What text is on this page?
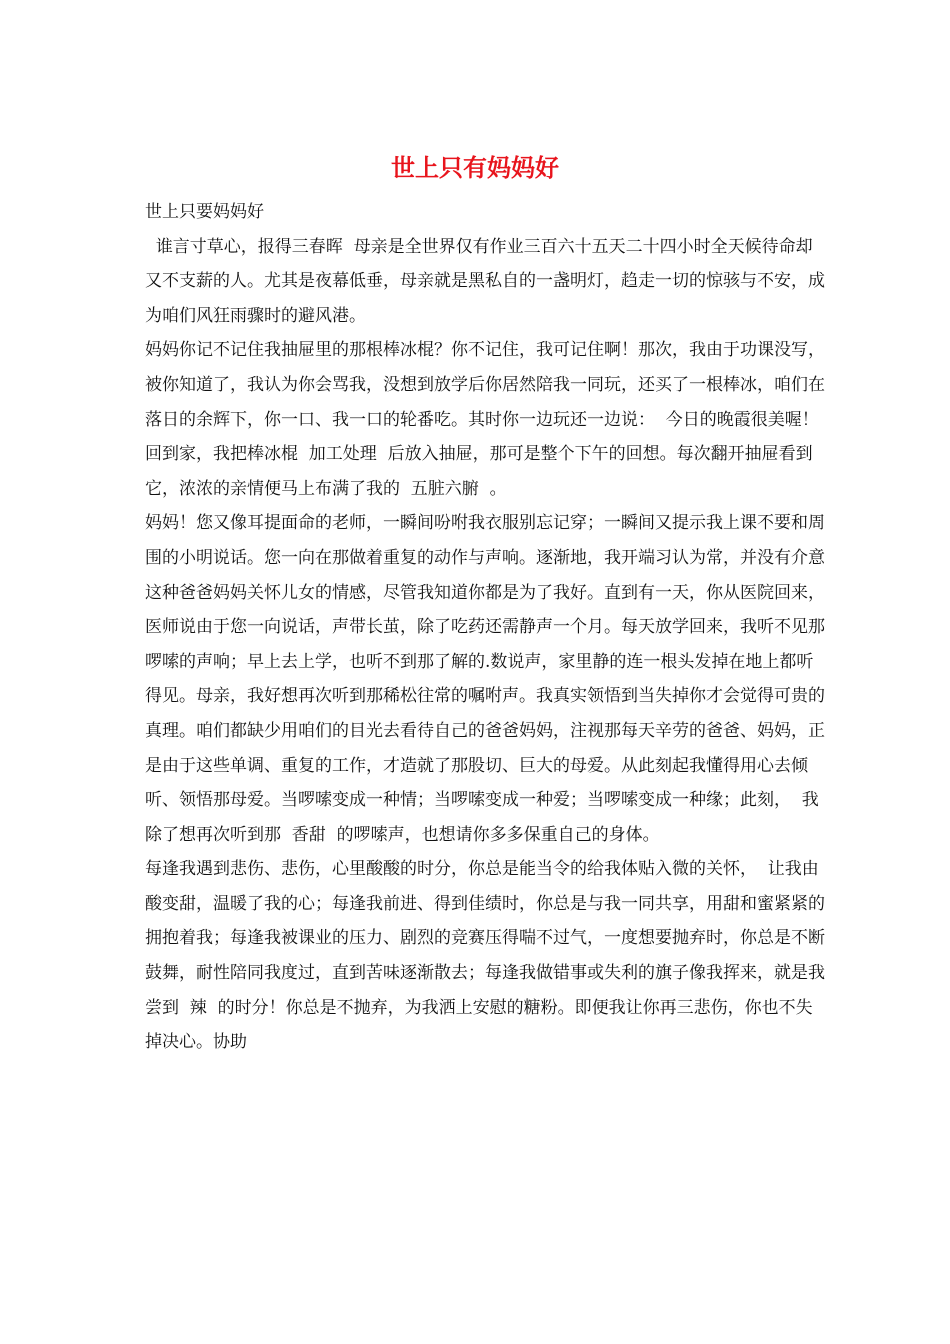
世上只有妈妈好

世上只要妈妈好

谁言寸草心，报得三春晖  母亲是全世界仅有作业三百六十五天二十四小时全天候待命却又不支薪的人。尤其是夜幕低垂，母亲就是黑私自的一盏明灯，趋走一切的惊骇与不安，成为咱们风狂雨骤时的避风港。

妈妈你记不记住我抽屉里的那根棒冰棍？你不记住，我可记住啊！那次，我由于功课没写，被你知道了，我认为你会骂我，没想到放学后你居然陪我一同玩，还买了一根棒冰，咱们在落日的余辉下，你一口、我一口的轮番吃。其时你一边玩还一边说：  今日的晚霞很美喔！  回到家，我把棒冰棍  加工处理  后放入抽屉，那可是整个下午的回想。每次翻开抽屉看到它，浓浓的亲情便马上布满了我的  五脏六腑  。

妈妈！您又像耳提面命的老师，一瞬间吩咐我衣服别忘记穿；一瞬间又提示我上课不要和周围的小明说话。您一向在那做着重复的动作与声响。逐渐地，我开端习认为常，并没有介意这种爸爸妈妈关怀儿女的情感，尽管我知道你都是为了我好。直到有一天，你从医院回来，医师说由于您一向说话，声带长茧，除了吃药还需静声一个月。每天放学回来，我听不见那啰嗦的声响；早上去上学，也听不到那了解的.数说声，家里静的连一根头发掉在地上都听得见。母亲，我好想再次听到那稀松往常的嘱咐声。我真实领悟到当失掉你才会觉得可贵的真理。咱们都缺少用咱们的目光去看待自己的爸爸妈妈，注视那每天辛劳的爸爸、妈妈，正是由于这些单调、重复的工作，才造就了那股切、巨大的母爱。从此刻起我懂得用心去倾听、领悟那母爱。当啰嗦变成一种情；当啰嗦变成一种爱；当啰嗦变成一种缘；此刻，  我除了想再次听到那  香甜  的啰嗦声，也想请你多多保重自己的身体。

每逢我遇到悲伤、悲伤，心里酸酸的时分，你总是能当令的给我体贴入微的关怀，  让我由酸变甜，温暖了我的心；每逢我前进、得到佳绩时，你总是与我一同共享，用甜和蜜紧紧的拥抱着我；每逢我被课业的压力、剧烈的竞赛压得喘不过气，一度想要抛弃时，你总是不断鼓舞，耐性陪同我度过，直到苦味逐渐散去；每逢我做错事或失利的旗子像我挥来，就是我尝到  辣  的时分！你总是不抛弃，为我洒上安慰的糖粉。即便我让你再三悲伤，你也不失掉决心。协助
